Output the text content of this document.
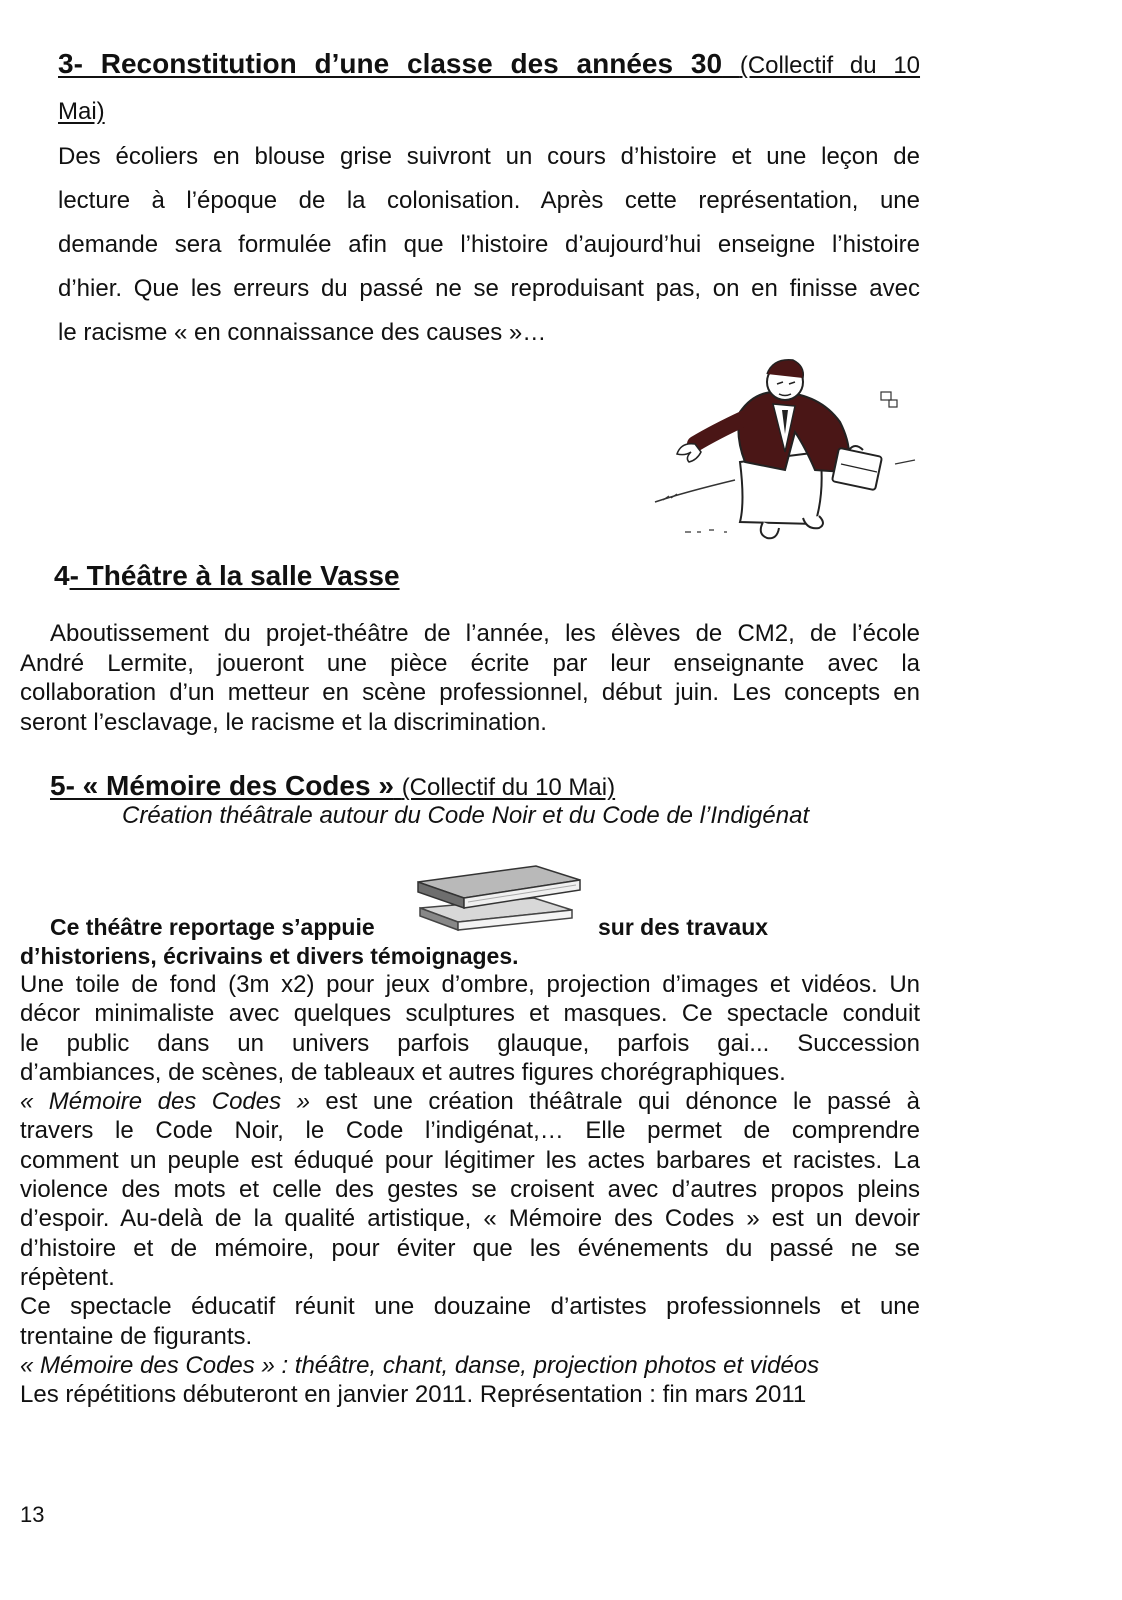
3- Reconstitution d’une classe des années 30 (Collectif du 10
Mai)
Des écoliers en blouse grise suivront un cours d’histoire et une leçon de
lecture à l’époque de la colonisation. Après cette représentation, une
demande sera formulée afin que l’histoire d’aujourd’hui enseigne l’histoire
d’hier. Que les erreurs du passé ne se reproduisant pas, on en finisse avec
le racisme « en connaissance des causes »…
4- Théâtre à la salle Vasse
Aboutissement du projet-théâtre de l’année, les élèves de CM2, de l’école
André Lermite, joueront une pièce écrite par leur enseignante avec la
collaboration d’un metteur en scène professionnel, début juin. Les concepts en
seront l’esclavage, le racisme et la discrimination.
5- « Mémoire des Codes » (Collectif du 10 Mai)
Création théâtrale autour du Code Noir et du Code de l’Indigénat
Ce théâtre reportage s’appuie	sur des travaux
d’historiens, écrivains et divers témoignages.
Une toile de fond (3m x2) pour jeux d’ombre, projection d’images et vidéos. Un
décor minimaliste avec quelques sculptures et masques. Ce spectacle conduit
le public dans un univers parfois glauque, parfois gai... Succession
d’ambiances, de scènes, de tableaux et autres figures chorégraphiques.
« Mémoire des Codes » est une création théâtrale qui dénonce le passé à
travers le Code Noir, le Code l’indigénat,… Elle permet de comprendre
comment un peuple est éduqué pour légitimer les actes barbares et racistes. La
violence des mots et celle des gestes se croisent avec d’autres propos pleins
d’espoir. Au-delà de la qualité artistique, « Mémoire des Codes » est un devoir
d’histoire et de mémoire, pour éviter que les événements du passé ne se
répètent.
Ce spectacle éducatif réunit une douzaine d’artistes professionnels et une
trentaine de figurants.
« Mémoire des Codes » : théâtre, chant, danse, projection photos et vidéos
Les répétitions débuteront en janvier 2011. Représentation : fin mars 2011
13
